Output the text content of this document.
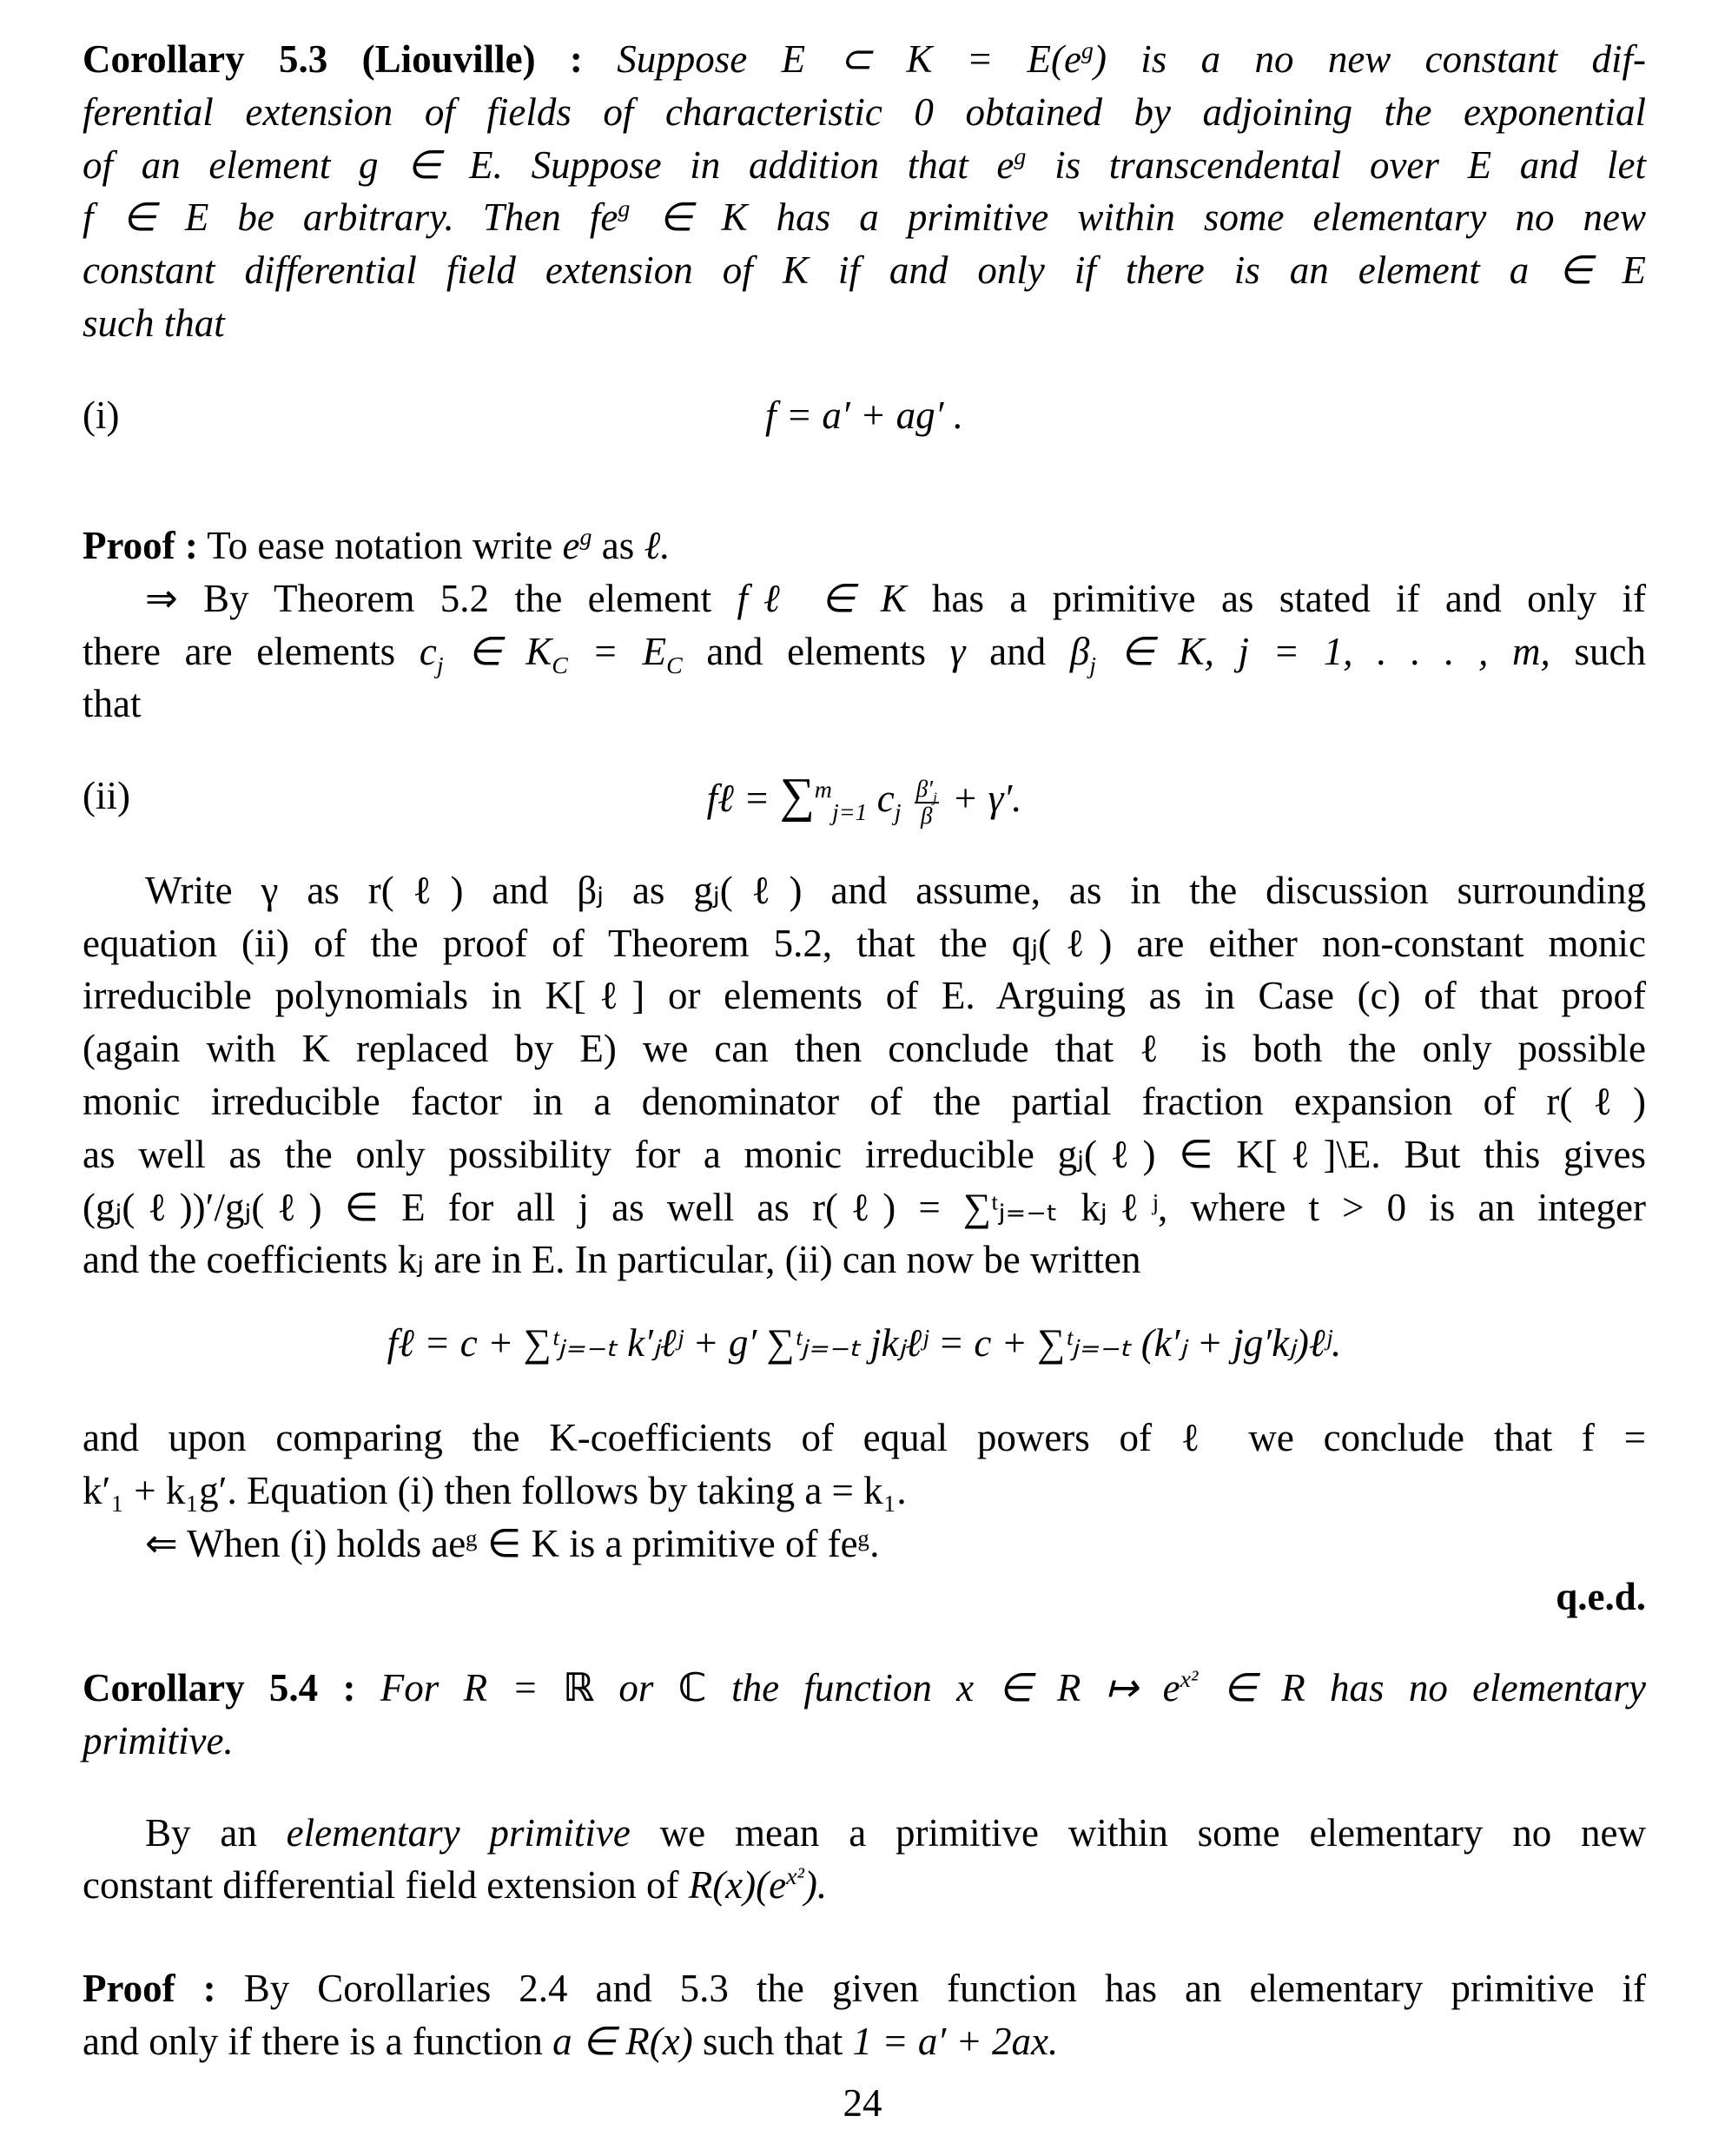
Corollary 5.3 (Liouville) : Suppose E ⊂ $K = E(e^g)$ is a no new constant dif-
ferential extension of fields of characteristic 0 obtained by adjoining the exponential
of an element g ∈ E. Suppose in addition that $e^g$ is transcendental over E and let
f ∈ E be arbitrary. Then $fe^g$ ∈ K has a primitive within some elementary no new
constant differential field extension of K if and only if there is an element a ∈ E
such that
(i)	f = a′ + ag′ .
Proof : To ease notation write $e^g$ as ℓ.
⇒ By Theorem 5.2 the element fℓ ∈ K has a primitive as stated if and only if
there are elements $c_j$ ∈ $K_C = E_C$ and elements γ and $\beta_j$ ∈ K, j = 1, . . . , m, such
that
(ii)	fℓ = ∑$^m_{j=1}$ $c_j \frac{\beta'_j}{\beta} + \gamma'$.
Write γ as r(ℓ) and βⱼ as gⱼ(ℓ) and assume, as in the discussion surrounding
equation (ii) of the proof of Theorem 5.2, that the qⱼ(ℓ) are either non-constant monic
irreducible polynomials in K[ℓ] or elements of E. Arguing as in Case (c) of that proof
(again with K replaced by E) we can then conclude that ℓ is both the only possible
monic irreducible factor in a denominator of the partial fraction expansion of r(ℓ)
as well as the only possibility for a monic irreducible gⱼ(ℓ) ∈ K[ℓ]\E. But this gives
(gⱼ(ℓ))′/gⱼ(ℓ) ∈ E for all j as well as r(ℓ) = ∑ᵗⱼ₌₋ₜ kⱼℓʲ, where t > 0 is an integer
and the coefficients kⱼ are in E. In particular, (ii) can now be written
fℓ = c + ∑ᵗⱼ₌₋ₜ k′ⱼℓʲ + g′ ∑ᵗⱼ₌₋ₜ jkⱼℓʲ = c + ∑ᵗⱼ₌₋ₜ (k′ⱼ + jg′kⱼ)ℓʲ.
and upon comparing the K-coefficients of equal powers of ℓ we conclude that f =
k′₁ + k₁g′. Equation (i) then follows by taking a = k₁.
⇐ When (i) holds aeᵍ ∈ K is a primitive of feᵍ.
q.e.d.
Corollary 5.4 : For R = ℝ or ℂ the function x ∈ R ↦ $e^{x^2}$ ∈ R has no elementary
primitive.
By an elementary primitive we mean a primitive within some elementary no new
constant differential field extension of $R(x)(e^{x^2})$.
Proof : By Corollaries 2.4 and 5.3 the given function has an elementary primitive if
and only if there is a function a ∈ R(x) such that 1 = a′ + 2ax.
24
